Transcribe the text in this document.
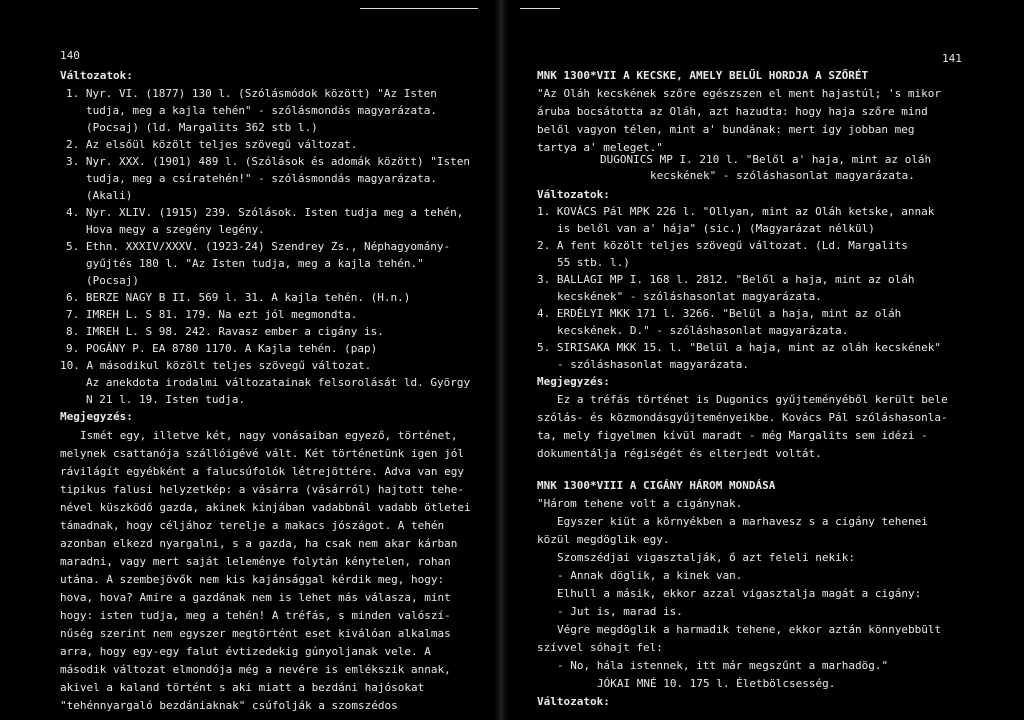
140
Változatok:
1. Nyr. VI. (1877) 130 l. (Szólásmódok között) "Az Isten
tudja, meg a kajla tehén" - szólásmondás magyarázata.
(Pocsaj) (ld. Margalits 362 stb l.)
2. Az elsőül közölt teljes szövegű változat.
3. Nyr. XXX. (1901) 489 l. (Szólások és adomák között) "Isten
tudja, meg a csíratehén!" - szólásmondás magyarázata.
(Akali)
4. Nyr. XLIV. (1915) 239. Szólások. Isten tudja meg a tehén,
Hova megy a szegény legény.
5. Ethn. XXXIV/XXXV. (1923-24) Szendrey Zs., Néphagyomány-
gyűjtés 180 l. "Az Isten tudja, meg a kajla tehén."
(Pocsaj)
6. BERZE NAGY B II. 569 l. 31. A kajla tehén. (H.n.)
7. IMREH L. S 81. 179. Na ezt jól megmondta.
8. IMREH L. S 98. 242. Ravasz ember a cigány is.
9. POGÁNY P. EA 8780 1170. A Kajla tehén. (pap)
10. A másodikul közölt teljes szövegű változat.
Az anekdota irodalmi változatainak felsorolását ld. György
N 21 l. 19. Isten tudja.
Megjegyzés:
Ismét egy, illetve két, nagy vonásaiban egyező, történet,
melynek csattanója szállóigévé vált. Két történetünk igen jól
rávilágít egyébként a falucsúfolók létrejöttére. Adva van egy
tipikus falusi helyzetkép: a vásárra (vásárról) hajtott tehe-
nével küszködő gazda, akinek kínjában vadabbnál vadabb ötletei
támadnak, hogy céljához terelje a makacs jószágot. A tehén
azonban elkezd nyargalni, s a gazda, ha csak nem akar kárban
maradni, vagy mert saját leleménye folytán kénytelen, rohan
utána. A szembejövők nem kis kajánsággal kérdik meg, hogy:
hova, hova? Amire a gazdának nem is lehet más válasza, mint
hogy: isten tudja, meg a tehén! A tréfás, s minden valószí-
nűség szerint nem egyszer megtörtént eset kiválóan alkalmas
arra, hogy egy-egy falut évtizedekig gúnyoljanak vele. A
második változat elmondója még a nevére is emlékszik annak,
akivel a kaland történt s aki miatt a bezdáni hajósokat
"tehénnyargaló bezdániaknak" csúfolják a szomszédos
141
MNK 1300*VII A KECSKE, AMELY BELŰL HORDJA A SZŐRÉT
"Az Oláh kecskének szőre egészszen el ment hajastúl; 's mikor
áruba bocsátotta az Oláh, azt hazudta: hogy haja szőre mind
belől vagyon télen, mint a' bundának: mert így jobban meg
tartya a' meleget."
DUGONICS MP I. 210 l. "Belől a' haja, mint az oláh
kecskének" - szóláshasonlat magyarázata.
Változatok:
1. KOVÁCS Pál MPK 226 l. "Ollyan, mint az Oláh ketske, annak
is belől van a' hája" (sic.) (Magyarázat nélkül)
2. A fent közölt teljes szövegű változat. (Ld. Margalits
55 stb. l.)
3. BALLAGI MP I. 168 l. 2812. "Belől a haja, mint az oláh
kecskének" - szóláshasonlat magyarázata.
4. ERDÉLYI MKK 171 l. 3266. "Belül a haja, mint az oláh
kecskének. D." - szóláshasonlat magyarázata.
5. SIRISAKA MKK 15. l. "Belül a haja, mint az oláh kecskének"
- szóláshasonlat magyarázata.
Megjegyzés:
Ez a tréfás történet is Dugonics gyűjteményéből került bele
szólás- és közmondásgyűjteményeikbe. Kovács Pál szóláshasonla-
ta, mely figyelmen kívül maradt - még Margalits sem idézi -
dokumentálja régiségét és elterjedt voltát.
MNK 1300*VIII A CIGÁNY HÁROM MONDÁSA
"Három tehene volt a cigánynak.
Egyszer kiüt a környékben a marhavesz s a cigány tehenei
közül megdöglik egy.
Szomszédjai vigasztalják, ő azt feleli nekik:
- Annak döglik, a kinek van.
Elhull a másik, ekkor azzal vigasztalja magát a cigány:
- Jut is, marad is.
Végre megdöglik a harmadik tehene, ekkor aztán könnyebbült
szívvel sóhajt fel:
- No, hála istennek, itt már megszűnt a marhadög."
JÓKAI MNÉ 10. 175 l. Életbölcsesség.
Változatok:
